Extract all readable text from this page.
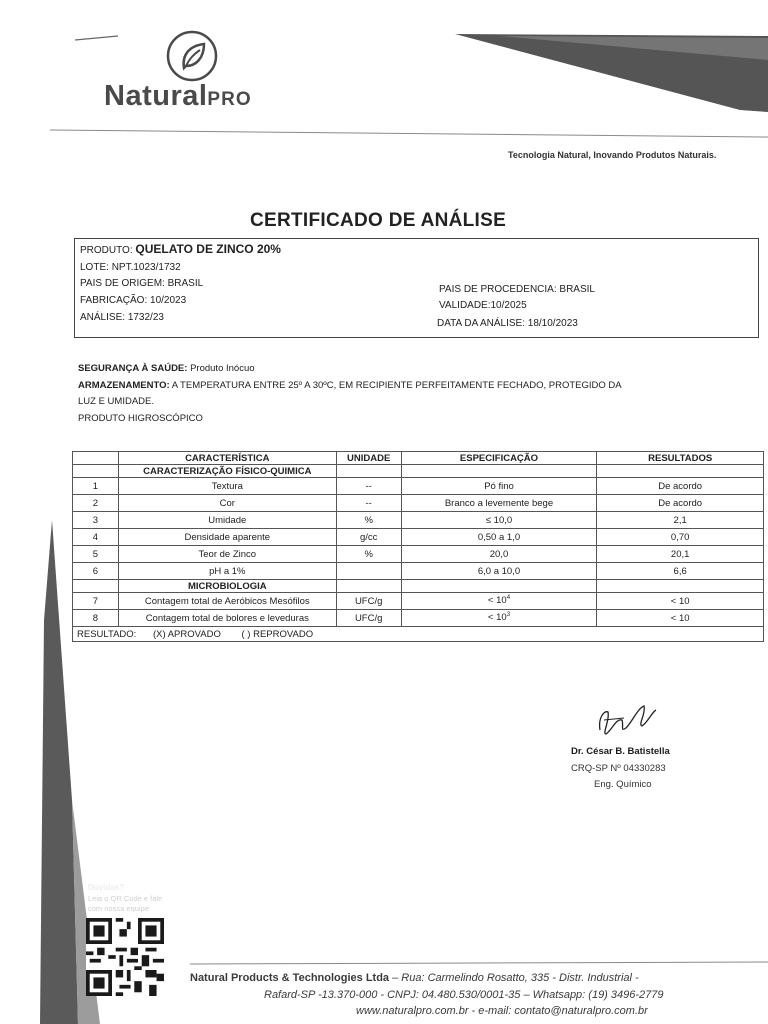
NaturalPRO
Tecnologia Natural, Inovando Produtos Naturais.
CERTIFICADO DE ANÁLISE
PRODUTO: QUELATO DE ZINCO 20%
LOTE: NPT.1023/1732
PAIS DE ORIGEM: BRASIL
FABRICAÇÃO: 10/2023
ANÁLISE: 1732/23
PAIS DE PROCEDENCIA: BRASIL
VALIDADE:10/2025
DATA DA ANÁLISE: 18/10/2023
SEGURANÇA À SAÚDE: Produto Inócuo
ARMAZENAMENTO: A TEMPERATURA ENTRE 25º A 30ºC, EM RECIPIENTE PERFEITAMENTE FECHADO, PROTEGIDO DA
LUZ E UMIDADE.
PRODUTO HIGROSCÓPICO
	CARACTERÍSTICA	UNIDADE	ESPECIFICAÇÃO	RESULTADOS
	CARACTERIZAÇÃO FÍSICO-QUIMICA			
1	Textura	--	Pó fino	De acordo
2	Cor	--	Branco a levemente bege	De acordo
3	Umidade	%	≤ 10,0	2,1
4	Densidade aparente	g/cc	0,50 a 1,0	0,70
5	Teor de Zinco	%	20,0	20,1
6	pH a 1%		6,0 a 10,0	6,6
	MICROBIOLOGIA			
7	Contagem total de Aeróbicos Mesófilos	UFC/g	< $10^4$	< 10
8	Contagem total de bolores e leveduras	UFC/g	< $10^3$	< 10
RESULTADO: (X) APROVADO ( ) REPROVADO				
Dr. César B. Batistella
CRQ-SP Nº 04330283
Eng. Químico
Dúvidas?
Leia o QR Code e fale
com nossa equipe
Natural Products & Technologies Ltda – Rua: Carmelindo Rosatto, 335 - Distr. Industrial -
Rafard-SP -13.370-000 - CNPJ: 04.480.530/0001-35 – Whatsapp: (19) 3496-2779
www.naturalpro.com.br - e-mail: contato@naturalpro.com.br
